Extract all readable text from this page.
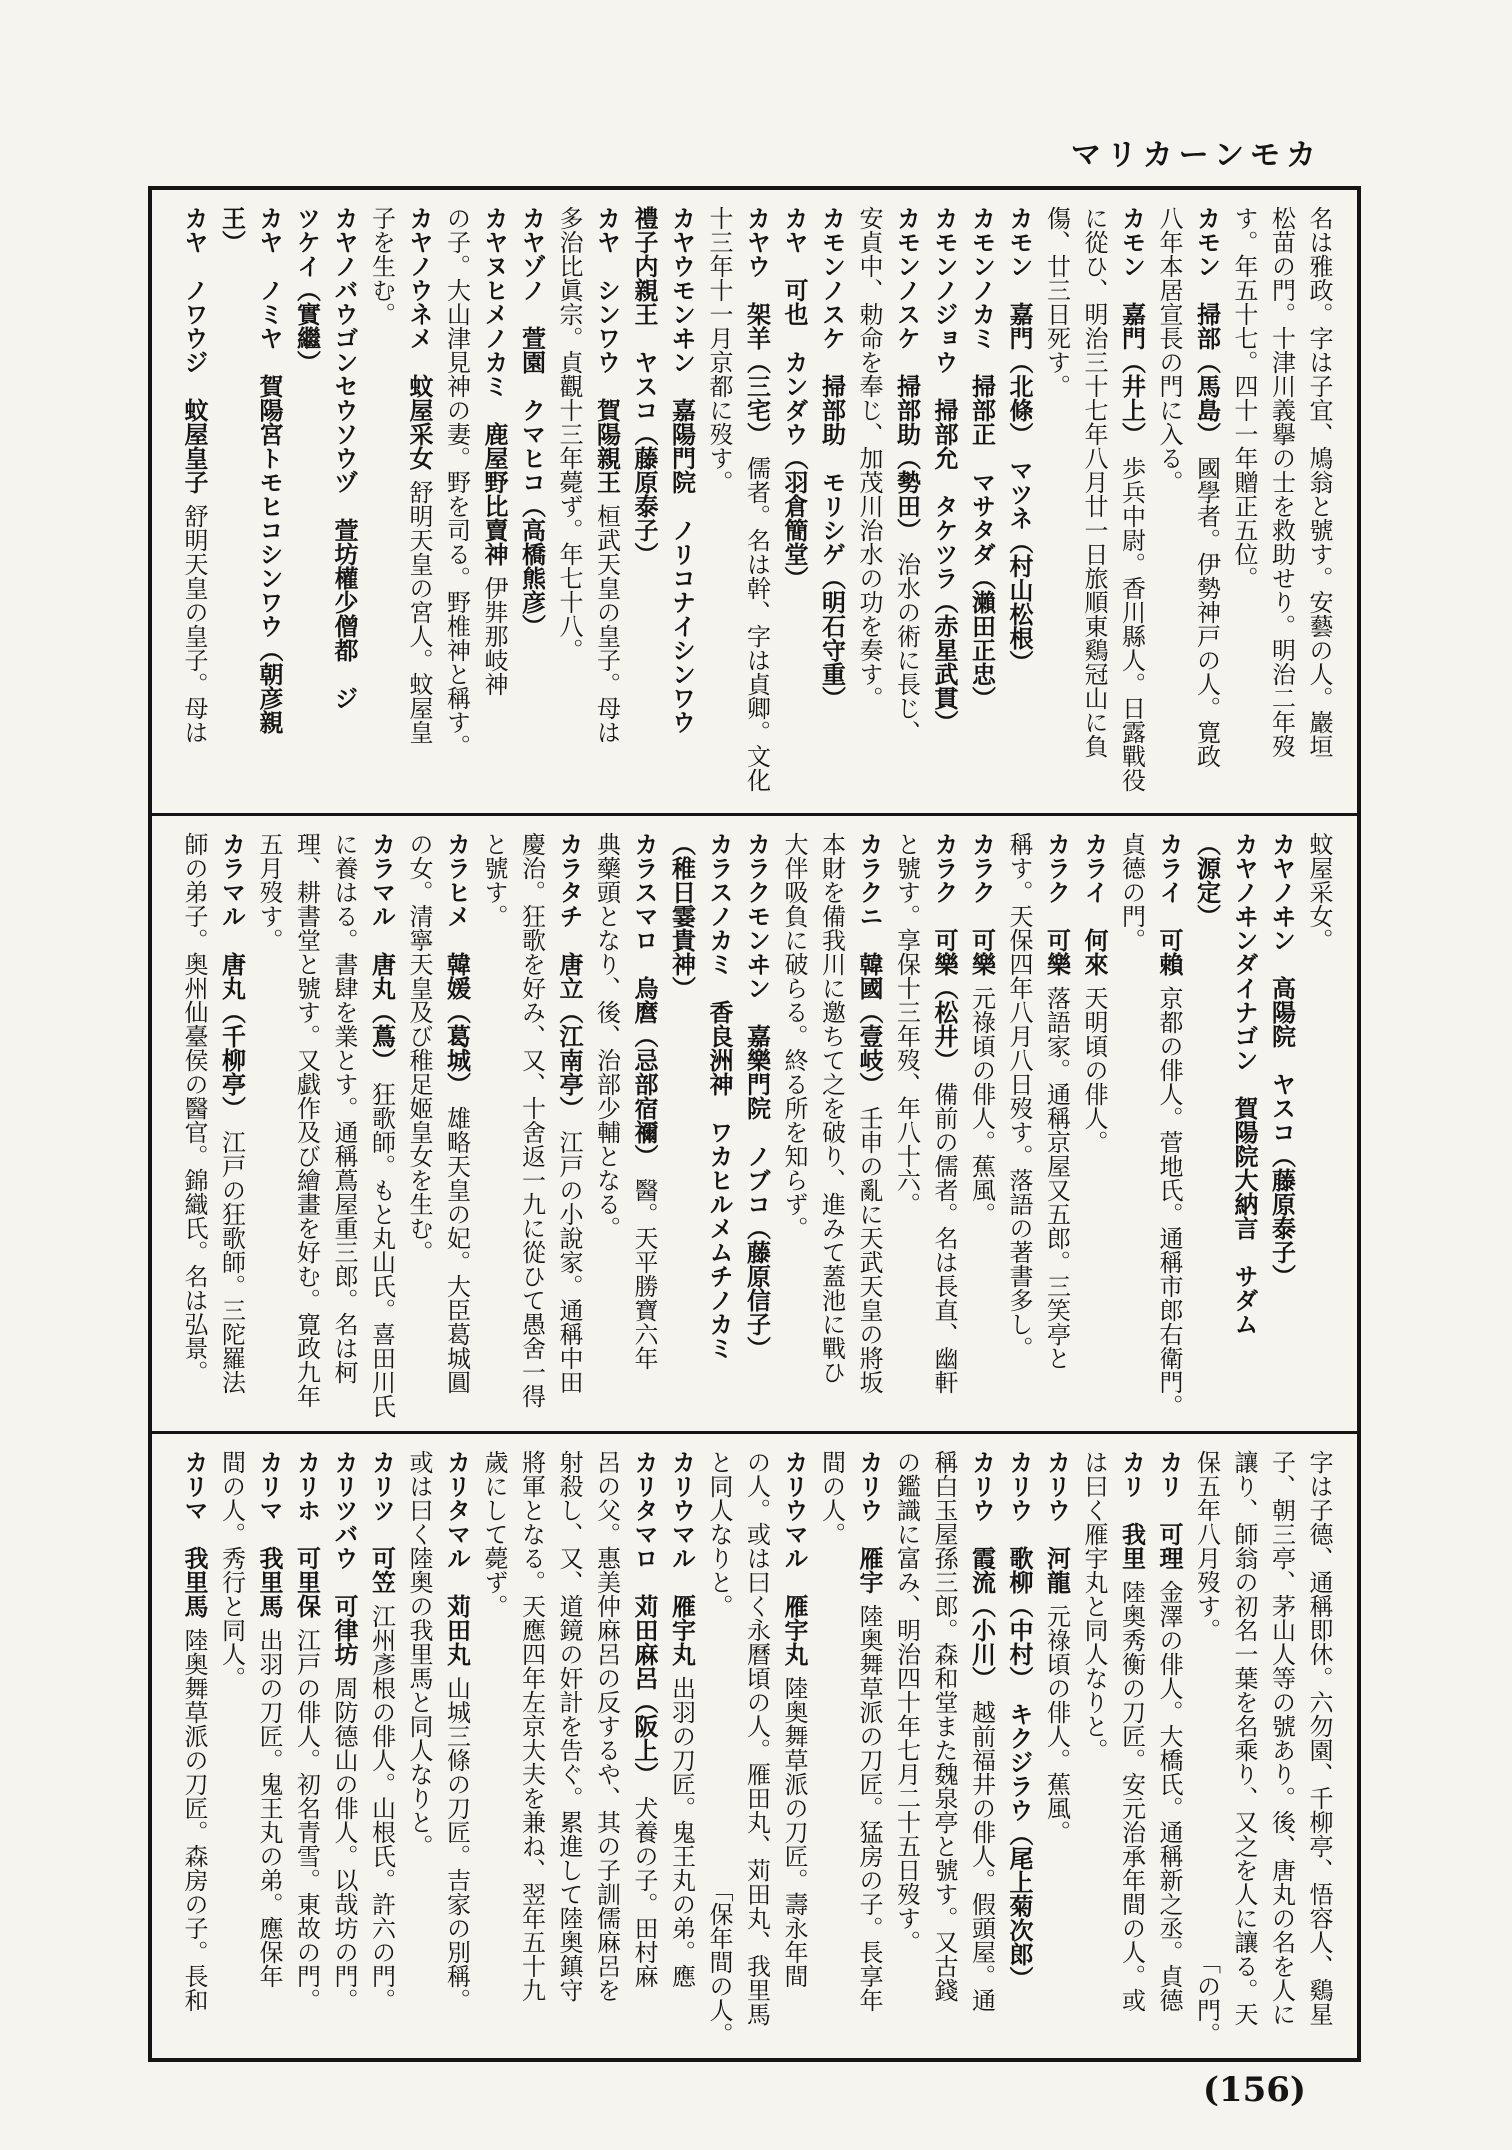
マリカーンモカ
名は雅政。字は子宜、鳩翁と號す。安藝の人。巖垣
松苗の門。十津川義擧の士を救助せり。明治二年歿
す。年五十七。四十一年贈正五位。
カモン　掃部（馬島）國學者。伊勢神戸の人。寛政
八年本居宣長の門に入る。
カモン　嘉門（井上）歩兵中尉。香川縣人。日露戰役
に從ひ、明治三十七年八月廿一日旅順東鷄冠山に負
傷、廿三日死す。
カモン　嘉門（北條）　マツネ（村山松根）
カモンノカミ　掃部正　マサタダ（瀨田正忠）
カモンノジョウ　掃部允　タケツラ（赤星武貫）
カモンノスケ　掃部助（勢田）治水の術に長じ、
安貞中、勅命を奉じ、加茂川治水の功を奏す。
カモンノスケ　掃部助　モリシゲ（明石守重）
カヤ　可也　カンダウ（羽倉簡堂）
カヤウ　架羊（三宅）儒者。名は幹、字は貞卿。文化
十三年十一月京都に歿す。
カヤウモンヰン　嘉陽門院　ノリコナイシンワウ
禮子内親王　ヤスコ（藤原泰子）
カヤ　シンワウ　賀陽親王桓武天皇の皇子。母は
多治比眞宗。貞觀十三年薨ず。年七十八。
カヤゾノ　萱園　クマヒコ（高橋熊彦）
カヤヌヒメノカミ　鹿屋野比賣神伊弉那岐神
の子。大山津見神の妻。野を司る。野椎神と稱す。
カヤノウネメ　蚊屋采女舒明天皇の宮人。蚊屋皇
子を生む。
カヤノバウゴンセウソウヅ　萱坊權少僧都　ジ
ツケイ（實繼）
カヤ　ノミヤ　賀陽宮トモヒコシンワウ（朝彦親
王）
カヤ　ノワウジ　蚊屋皇子舒明天皇の皇子。母は
蚊屋采女。
カヤノヰン　高陽院　ヤスコ（藤原泰子）
カヤノヰンダイナゴン　賀陽院大納言　サダム
（源定）
カライ　可賴京都の俳人。菅地氏。通稱市郎右衛門。
貞德の門。
カライ　何來天明頃の俳人。
カラク　可樂落語家。通稱京屋又五郎。三笑亭と
稱す。天保四年八月八日歿す。落語の著書多し。
カラク　可樂元祿頃の俳人。蕉風。
カラク　可樂（松井）備前の儒者。名は長直、幽軒
と號す。享保十三年歿、年八十六。
カラクニ　韓國（壹岐）壬申の亂に天武天皇の將坂
本財を備我川に邀ちて之を破り、進みて蓋池に戰ひ
大伴吸負に破らる。終る所を知らず。
カラクモンヰン　嘉樂門院　ノブコ（藤原信子）
カラスノカミ　香良洲神　ワカヒルメムチノカミ
（稚日霎貴神）
カラスマロ　烏麿（忌部宿禰）醫。天平勝寶六年
典藥頭となり、後、治部少輔となる。
カラタチ　唐立（江南亭）江戸の小說家。通稱中田
慶治。狂歌を好み、又、十舍返一九に從ひて愚舍一得
と號す。
カラヒメ　韓媛（葛城）雄略天皇の妃。大臣葛城圓
の女。清寧天皇及び稚足姬皇女を生む。
カラマル　唐丸（蔦）狂歌師。もと丸山氏。喜田川氏
に養はる。書肆を業とす。通稱蔦屋重三郎。名は柯
理、耕書堂と號す。又戯作及び繪畫を好む。寛政九年
五月歿す。
カラマル　唐丸（千柳亭）江戸の狂歌師。三陀羅法
師の弟子。奥州仙臺侯の醫官。錦織氏。名は弘景。
字は子德、通稱即休。六勿園、千柳亭、悟容人、鷄星
子、朝三亭、茅山人等の號あり。後、唐丸の名を人に
讓り、師翁の初名一葉を名乘り、又之を人に讓る。天
保五年八月歿す。
「の門。
カリ　可理金澤の俳人。大橋氏。通稱新之丞。貞德
カリ　我里陸奥秀衡の刀匠。安元治承年間の人。或
は曰く雁宇丸と同人なりと。
カリウ　河龍元祿頃の俳人。蕉風。
カリウ　歌柳（中村）　キクジラウ（尾上菊次郎）
カリウ　霞流（小川）越前福井の俳人。假頭屋。通
稱白玉屋孫三郎。森和堂また魏泉亭と號す。又古錢
の鑑識に富み、明治四十年七月二十五日歿す。
カリウ　雁宇陸奥舞草派の刀匠。猛房の子。長享年
間の人。
カリウマル　雁宇丸陸奥舞草派の刀匠。壽永年間
の人。或は曰く永曆頃の人。雁田丸、苅田丸、我里馬
と同人なりと。
「保年間の人。
カリウマル　雁宇丸出羽の刀匠。鬼王丸の弟。應
カリタマロ　苅田麻呂（阪上）犬養の子。田村麻
呂の父。惠美仲麻呂の反するや、其の子訓儒麻呂を
射殺し、又、道鏡の奸計を告ぐ。累進して陸奥鎮守
將軍となる。天應四年左京大夫を兼ね、翌年五十九
歲にして薨ず。
カリタマル　苅田丸山城三條の刀匠。吉家の別稱。
或は曰く陸奥の我里馬と同人なりと。
カリツ　可笠江州彥根の俳人。山根氏。許六の門。
カリツバウ　可律坊周防德山の俳人。以哉坊の門。
カリホ　可里保江戸の俳人。初名青雪。東故の門。
カリマ　我里馬出羽の刀匠。鬼王丸の弟。應保年
間の人。秀行と同人。
カリマ　我里馬陸奥舞草派の刀匠。森房の子。長和
(156)
